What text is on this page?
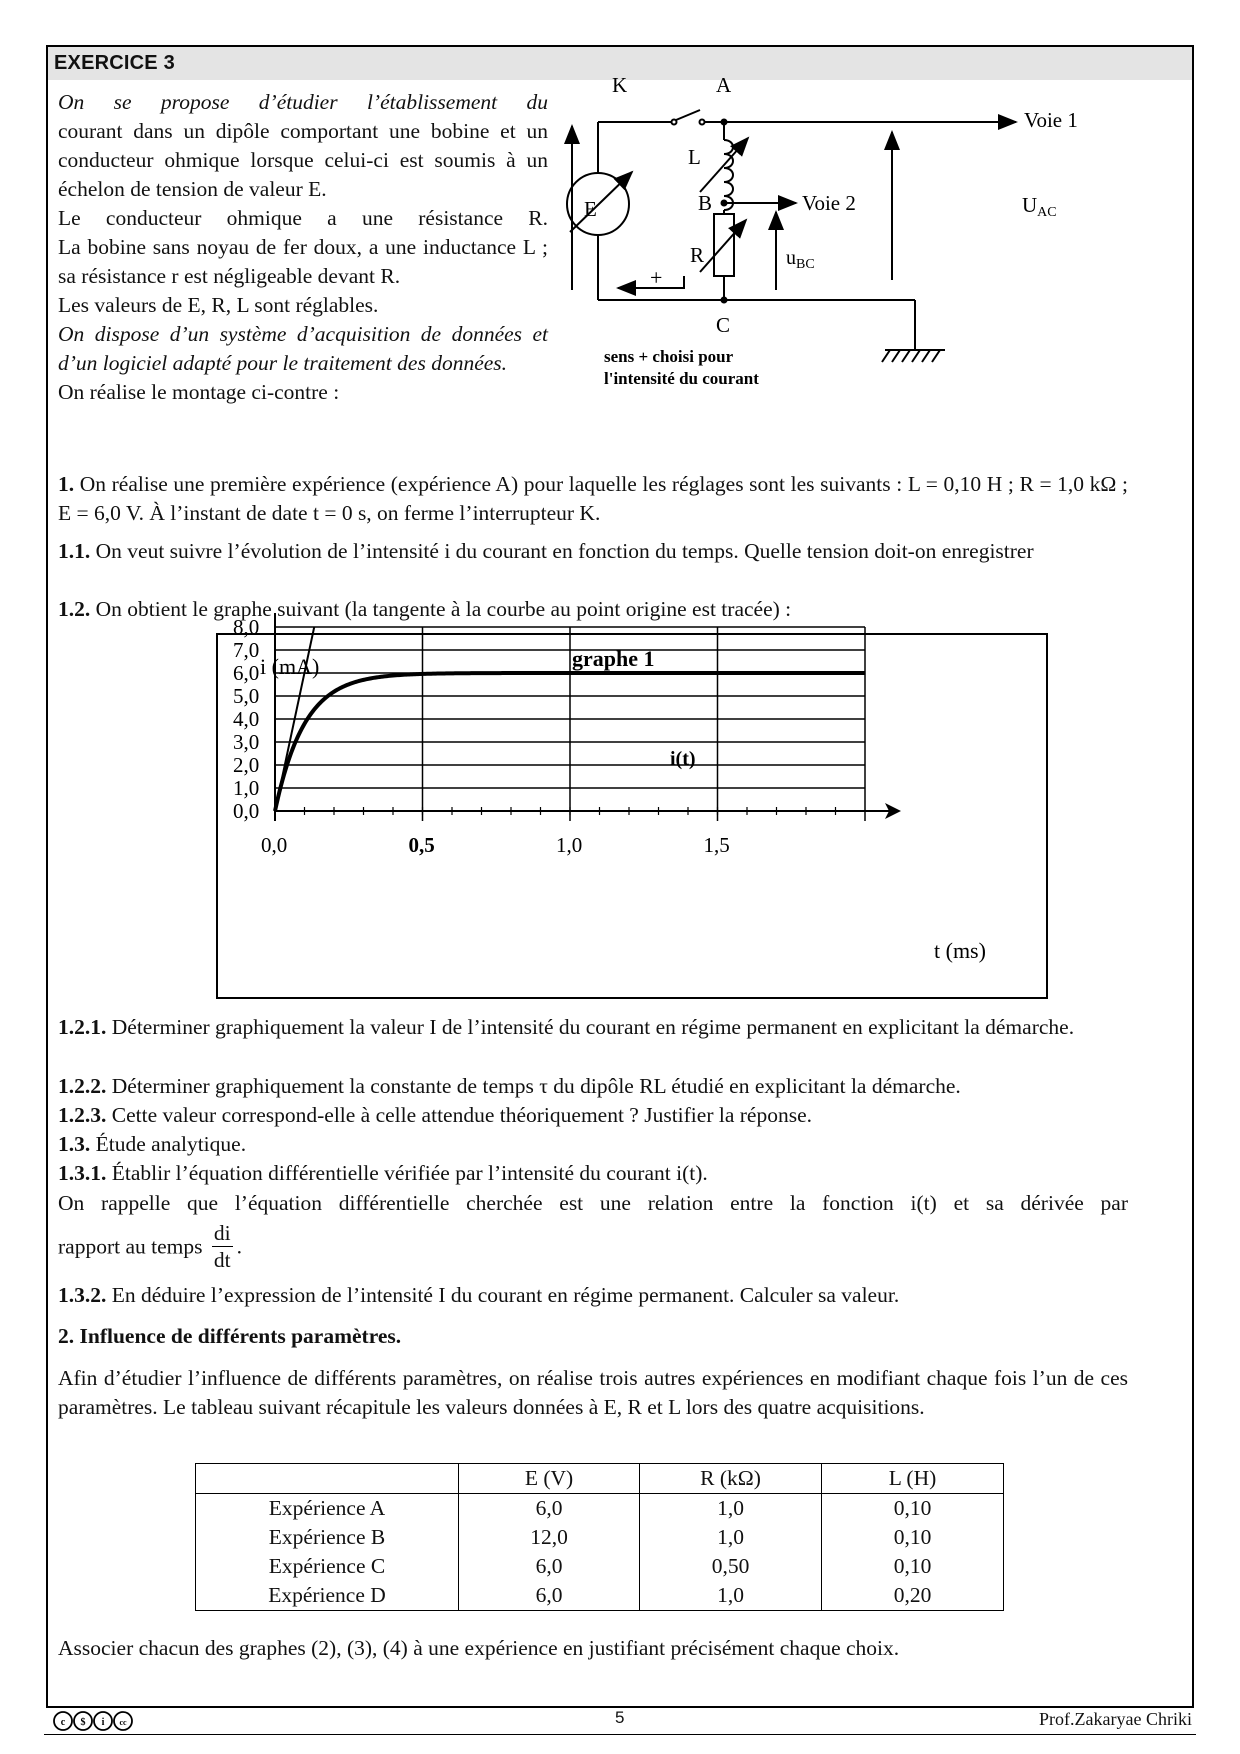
EXERCICE 3

On se propose d’étudier l’établissement du

courant dans un dipôle comportant une bobine et un conducteur ohmique lorsque celui-ci est soumis à un échelon de tension de valeur E.

Le conducteur ohmique a une résistance R.

La bobine sans noyau de fer doux, a une inductance L ; sa résistance r est négligeable devant R.

Les valeurs de E, R, L sont réglables.

On dispose d’un système d’acquisition de données et d’un logiciel adapté pour le traitement des données.

On réalise le montage ci-contre :

K	A
L
B
R
C
E
Voie 1
Voie 2	UAC
$u_{BC}$
+
sens + choisi pour
l'intensité du courant
1. On réalise une première expérience (expérience A) pour laquelle les réglages sont les suivants : L = 0,10 H ; R = 1,0 kΩ ; E = 6,0 V. À l’instant de date t = 0 s, on ferme l’interrupteur K.
1.1. On veut suivre l’évolution de l’intensité i du courant en fonction du temps. Quelle tension doit-on enregistrer
1.2. On obtient le graphe suivant (la tangente à la courbe au point origine est tracée) :
0,0
1,0
2,0
3,0
4,0
5,0
6,0
7,0
8,0
0,0	0,5	1,0	1,5
graphe 1
i (mA)
t (ms)
i(t)
1.2.1. Déterminer graphiquement la valeur I de l’intensité du courant en régime permanent en explicitant la démarche.
1.2.2. Déterminer graphiquement la constante de temps τ du dipôle RL étudié en explicitant la démarche.
1.2.3. Cette valeur correspond-elle à celle attendue théoriquement ? Justifier la réponse.
1.3. Étude analytique.
1.3.1. Établir l’équation différentielle vérifiée par l’intensité du courant i(t).
On rappelle que l’équation différentielle cherchée est une relation entre la fonction i(t) et sa dérivée par
rapport au temps $\frac{di}{dt}$ .
1.3.2. En déduire l’expression de l’intensité I du courant en régime permanent. Calculer sa valeur.
2. Influence de différents paramètres.
Afin d’étudier l’influence de différents paramètres, on réalise trois autres expériences en modifiant chaque fois l’un de ces paramètres. Le tableau suivant récapitule les valeurs données à E, R et L lors des quatre acquisitions.
	E (V)	R (kΩ)	L (H)
Expérience A	6,0	1,0	0,10
Expérience B	12,0	1,0	0,10
Expérience C	6,0	0,50	0,10
Expérience D	6,0	1,0	0,20
Associer chacun des graphes (2), (3), (4) à une expérience en justifiant précisément chaque choix.
c $ i cc	5	Prof.Zakaryae Chriki
